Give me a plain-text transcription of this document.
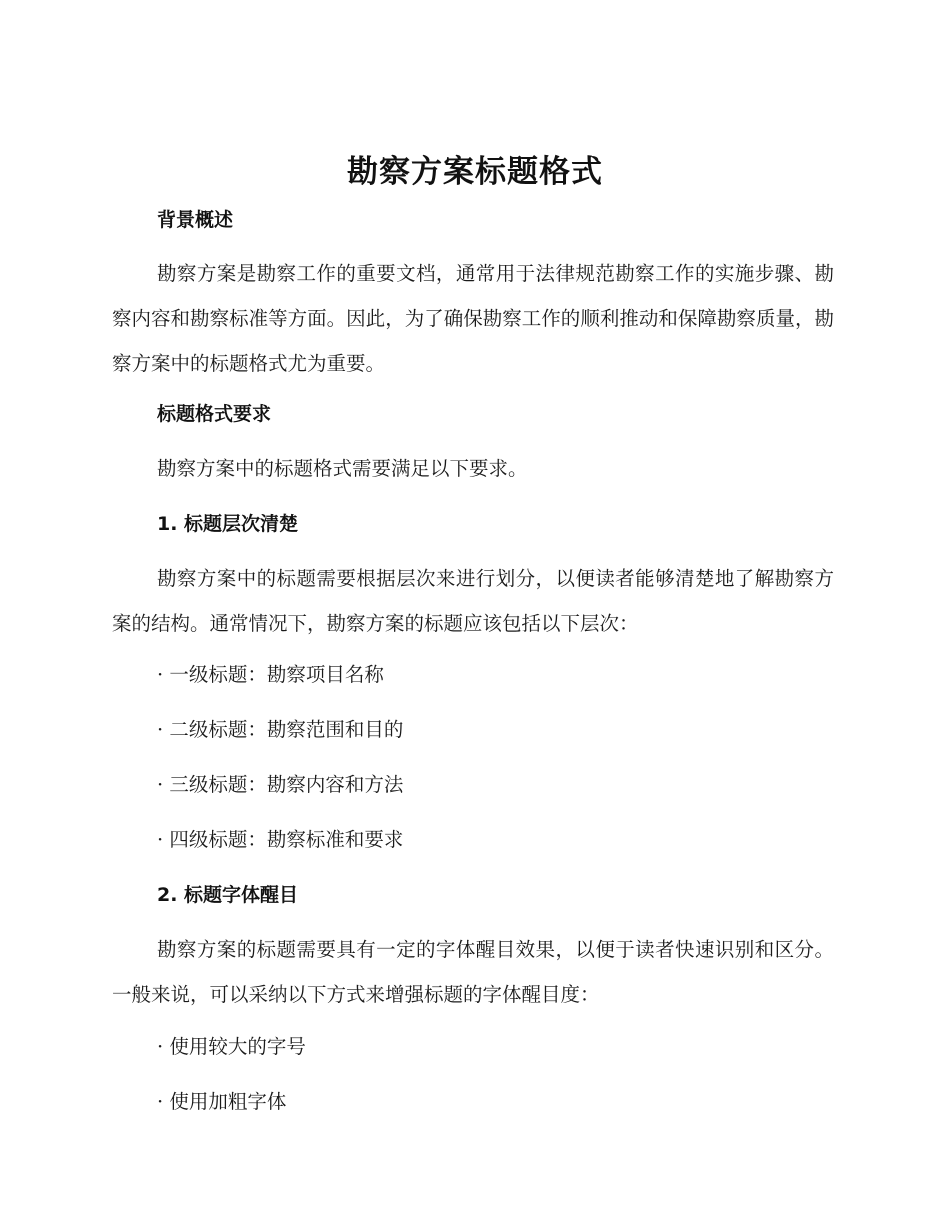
勘察方案标题格式
背景概述

勘察方案是勘察工作的重要文档，通常用于法律规范勘察工作的实施步骤、勘察内容和勘察标准等方面。因此，为了确保勘察工作的顺利推动和保障勘察质量，勘察方案中的标题格式尤为重要。

标题格式要求

勘察方案中的标题格式需要满足以下要求。

1. 标题层次清楚

勘察方案中的标题需要根据层次来进行划分，以便读者能够清楚地了解勘察方案的结构。通常情况下，勘察方案的标题应该包括以下层次：

· 一级标题：勘察项目名称
· 二级标题：勘察范围和目的
· 三级标题：勘察内容和方法
· 四级标题：勘察标准和要求
2. 标题字体醒目

勘察方案的标题需要具有一定的字体醒目效果，以便于读者快速识别和区分。一般来说，可以采纳以下方式来增强标题的字体醒目度：

· 使用较大的字号
· 使用加粗字体
